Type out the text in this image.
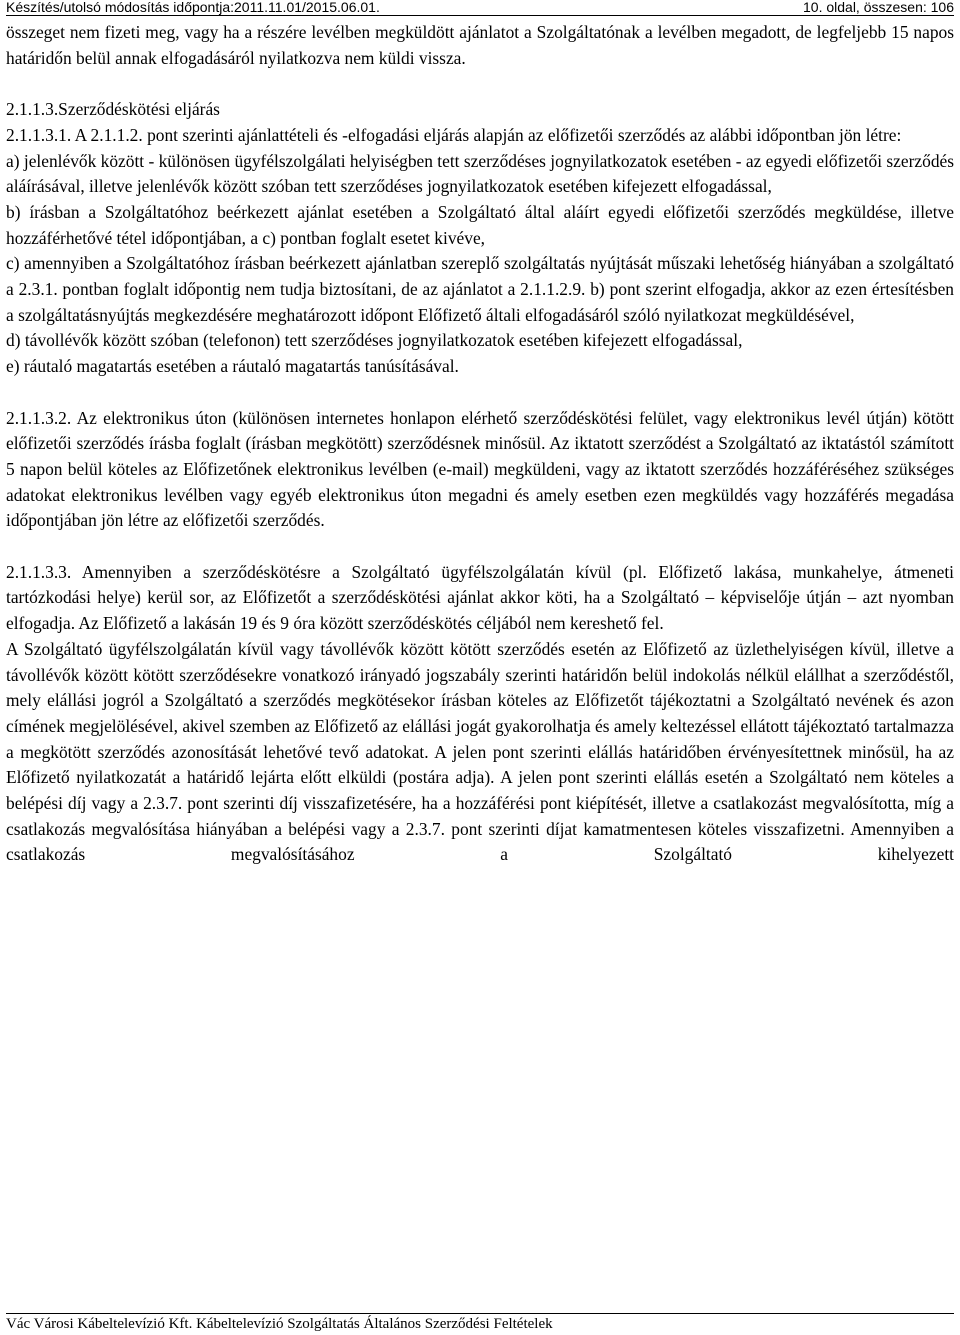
Készítés/utolsó módosítás időpontja:2011.11.01/2015.06.01.	10. oldal, összesen: 106

összeget nem fizeti meg, vagy ha a részére levélben megküldött ajánlatot a Szolgáltatónak a levélben megadott, de legfeljebb 15 napos határidőn belül annak elfogadásáról nyilatkozva nem küldi vissza.

2.1.1.3.Szerződéskötési eljárás

2.1.1.3.1. A 2.1.1.2. pont szerinti ajánlattételi és -elfogadási eljárás alapján az előfizetői szerződés az alábbi időpontban jön létre:

a) jelenlévők között - különösen ügyfélszolgálati helyiségben tett szerződéses jognyilatkozatok esetében - az egyedi előfizetői szerződés aláírásával, illetve jelenlévők között szóban tett szerződéses jognyilatkozatok esetében kifejezett elfogadással,

b) írásban a Szolgáltatóhoz beérkezett ajánlat esetében a Szolgáltató által aláírt egyedi előfizetői szerződés megküldése, illetve hozzáférhetővé tétel időpontjában, a c) pontban foglalt esetet kivéve,

c) amennyiben a Szolgáltatóhoz írásban beérkezett ajánlatban szereplő szolgáltatás nyújtását műszaki lehetőség hiányában a szolgáltató a 2.3.1. pontban foglalt időpontig nem tudja biztosítani, de az ajánlatot a 2.1.1.2.9. b) pont szerint elfogadja, akkor az ezen értesítésben a szolgáltatásnyújtás megkezdésére meghatározott időpont Előfizető általi elfogadásáról szóló nyilatkozat megküldésével,

d) távollévők között szóban (telefonon) tett szerződéses jognyilatkozatok esetében kifejezett elfogadással,

e) ráutaló magatartás esetében a ráutaló magatartás tanúsításával.

2.1.1.3.2. Az elektronikus úton (különösen internetes honlapon elérhető szerződéskötési felület, vagy elektronikus levél útján) kötött előfizetői szerződés írásba foglalt (írásban megkötött) szerződésnek minősül. Az iktatott szerződést a Szolgáltató az iktatástól számított 5 napon belül köteles az Előfizetőnek elektronikus levélben (e-mail) megküldeni, vagy az iktatott szerződés hozzáféréséhez szükséges adatokat elektronikus levélben vagy egyéb elektronikus úton megadni és amely esetben ezen megküldés vagy hozzáférés megadása időpontjában jön létre az előfizetői szerződés.

2.1.1.3.3. Amennyiben a szerződéskötésre a Szolgáltató ügyfélszolgálatán kívül (pl. Előfizető lakása, munkahelye, átmeneti tartózkodási helye) kerül sor, az Előfizetőt a szerződéskötési ajánlat akkor köti, ha a Szolgáltató – képviselője útján – azt nyomban elfogadja. Az Előfizető a lakásán 19 és 9 óra között szerződéskötés céljából nem kereshető fel.

A Szolgáltató ügyfélszolgálatán kívül vagy távollévők között kötött szerződés esetén az Előfizető az üzlethelyiségen kívül, illetve a távollévők között kötött szerződésekre vonatkozó irányadó jogszabály szerinti határidőn belül indokolás nélkül elállhat a szerződéstől, mely elállási jogról a Szolgáltató a szerződés megkötésekor írásban köteles az Előfizetőt tájékoztatni a Szolgáltató nevének és azon címének megjelölésével, akivel szemben az Előfizető az elállási jogát gyakorolhatja és amely keltezéssel ellátott tájékoztató tartalmazza a megkötött szerződés azonosítását lehetővé tevő adatokat. A jelen pont szerinti elállás határidőben érvényesítettnek minősül, ha az Előfizető nyilatkozatát a határidő lejárta előtt elküldi (postára adja). A jelen pont szerinti elállás esetén a Szolgáltató nem köteles a belépési díj vagy a 2.3.7. pont szerinti díj visszafizetésére, ha a hozzáférési pont kiépítését, illetve a csatlakozást megvalósította, míg a csatlakozás megvalósítása hiányában a belépési vagy a 2.3.7. pont szerinti díjat kamatmentesen köteles visszafizetni. Amennyiben a csatlakozás megvalósításához a Szolgáltató kihelyezett

Vác Városi Kábeltelevízió Kft. Kábeltelevízió Szolgáltatás Általános Szerződési Feltételek
